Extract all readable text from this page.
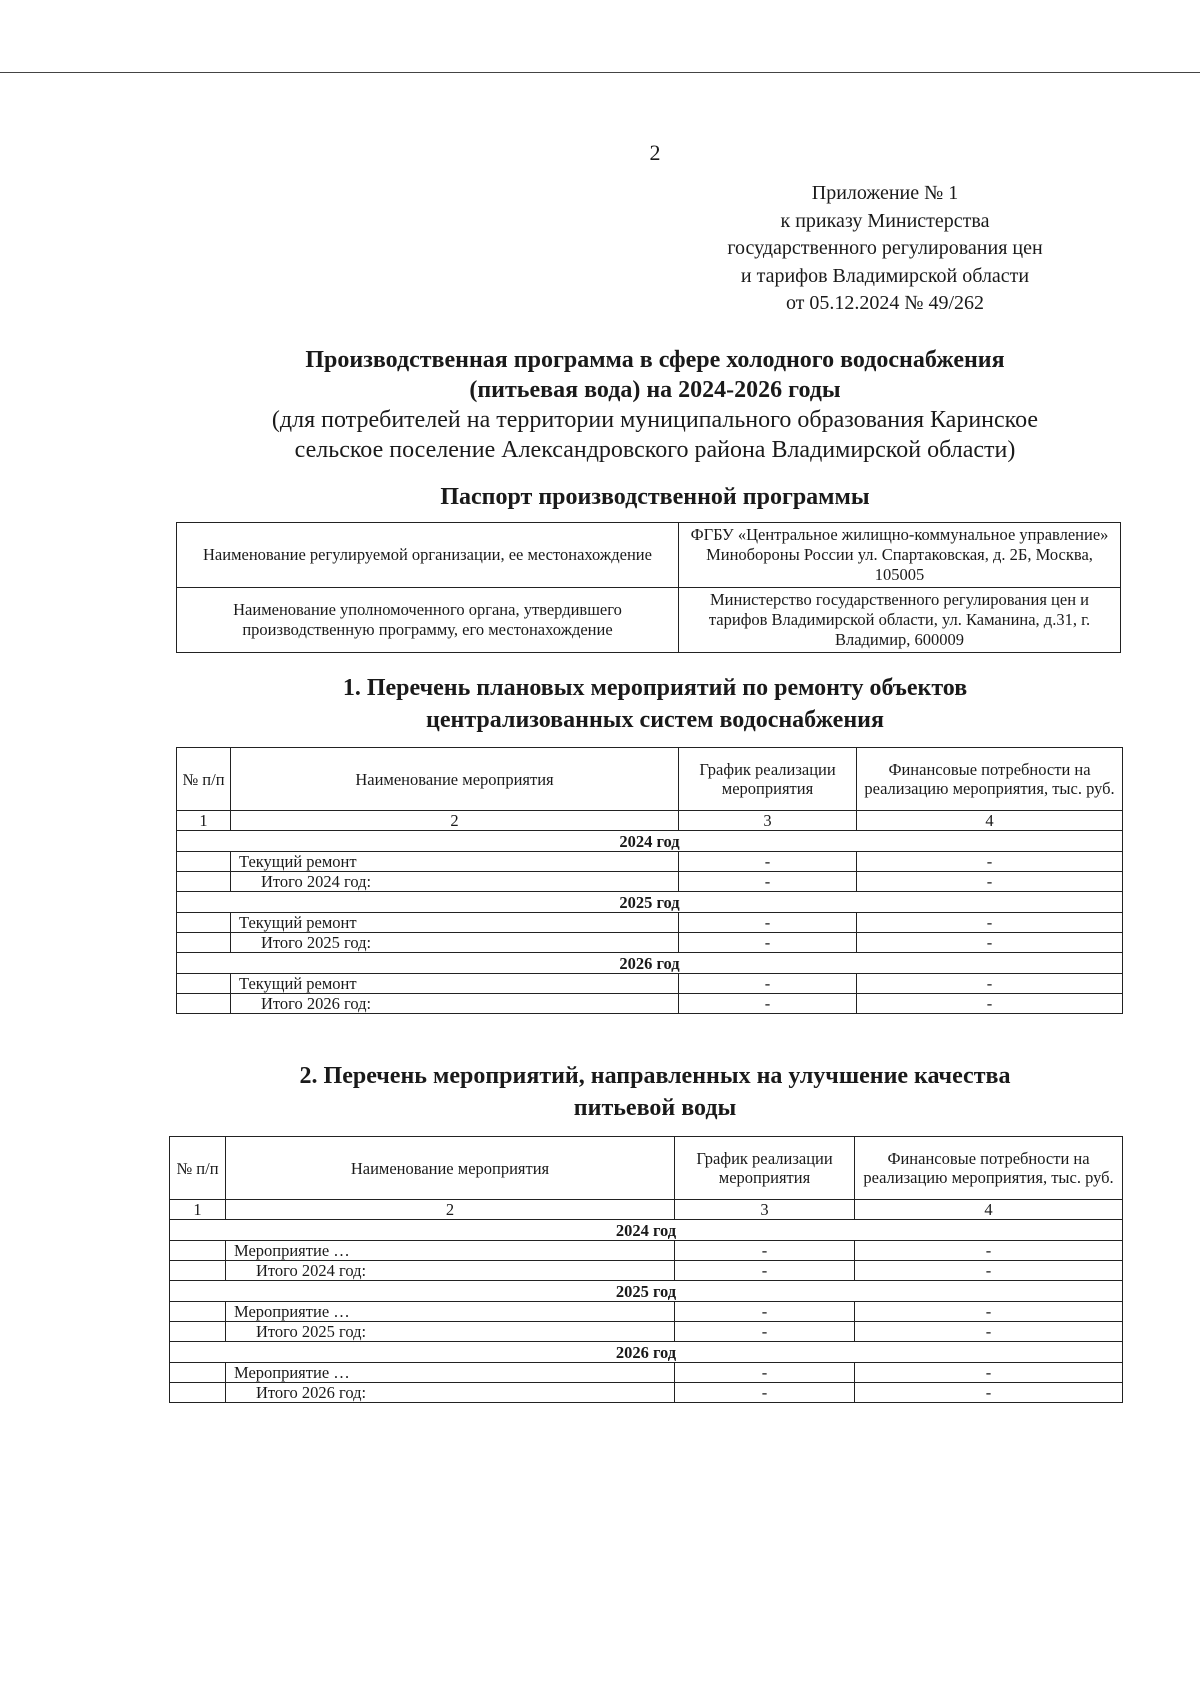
2
Приложение № 1
к приказу Министерства
государственного регулирования цен
и тарифов Владимирской области
от 05.12.2024 № 49/262
Производственная программа в сфере холодного водоснабжения
(питьевая вода) на 2024-2026 годы
(для потребителей на территории муниципального образования Каринское
сельское поселение Александровского района Владимирской области)
Паспорт производственной программы
Наименование регулируемой организации, ее местонахождение	ФГБУ «Центральное жилищно-коммунальное управление» Минобороны России ул. Спартаковская, д. 2Б, Москва, 105005
Наименование уполномоченного органа, утвердившего производственную программу, его местонахождение	Министерство государственного регулирования цен и тарифов Владимирской области, ул. Каманина, д.31, г. Владимир, 600009
1. Перечень плановых мероприятий по ремонту объектов
централизованных систем водоснабжения
№ п/п	Наименование мероприятия	График реализации мероприятия	Финансовые потребности на реализацию мероприятия, тыс. руб.
1	2	3	4
2024 год			
	Текущий ремонт	-	-
	Итого 2024 год:	-	-
2025 год			
	Текущий ремонт	-	-
	Итого 2025 год:	-	-
2026 год			
	Текущий ремонт	-	-
	Итого 2026 год:	-	-
2. Перечень мероприятий, направленных на улучшение качества
питьевой воды
№ п/п	Наименование мероприятия	График реализации мероприятия	Финансовые потребности на реализацию мероприятия, тыс. руб.
1	2	3	4
2024 год			
	Мероприятие …	-	-
	Итого 2024 год:	-	-
2025 год			
	Мероприятие …	-	-
	Итого 2025 год:	-	-
2026 год			
	Мероприятие …	-	-
	Итого 2026 год:	-	-
